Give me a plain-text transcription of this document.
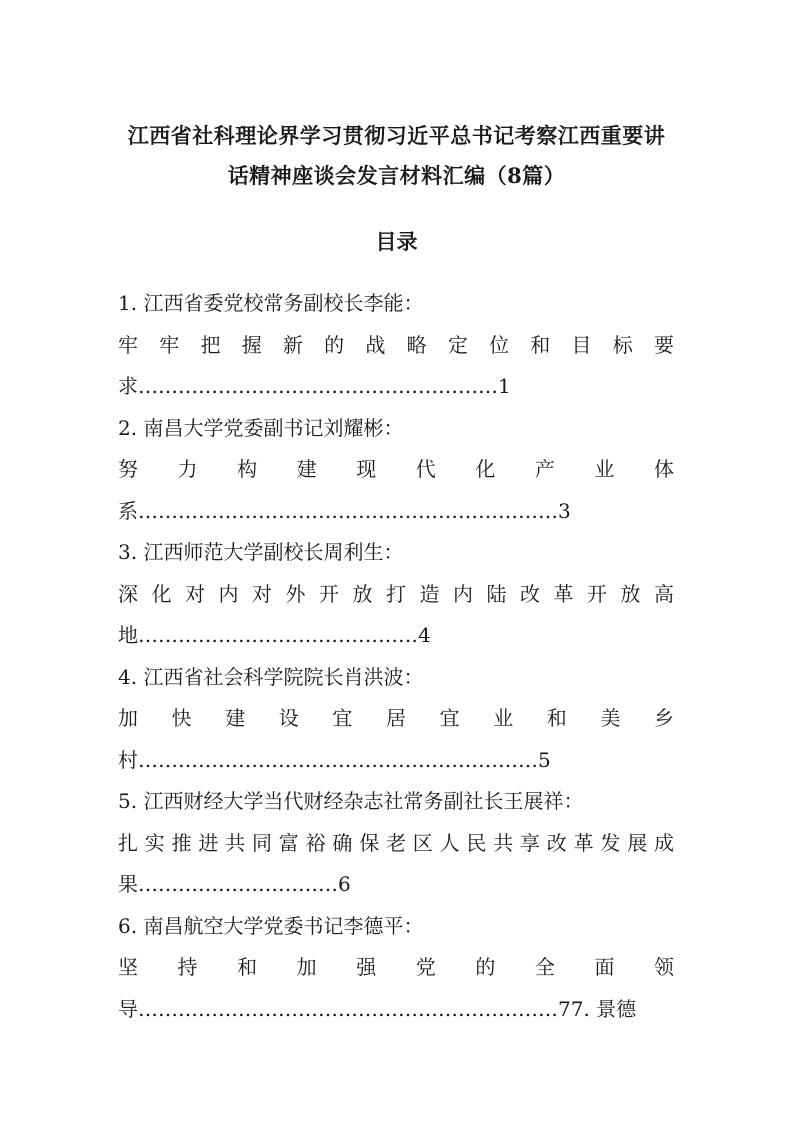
江西省社科理论界学习贯彻习近平总书记考察江西重要讲
话精神座谈会发言材料汇编（8篇）
目录
1. 江西省委党校常务副校长李能：
牢 牢 把 握 新 的 战 略 定 位 和 目 标 要
求………………………………………………1
2. 南昌大学党委副书记刘耀彬：
努 力 构 建 现 代 化 产 业 体
系………………………………………………………3
3. 江西师范大学副校长周利生：
深 化 对 内 对 外 开 放 打 造 内 陆 改 革 开 放 高
地……………………………………4
4. 江西省社会科学院院长肖洪波：
加 快 建 设 宜 居 宜 业 和 美 乡
村……………………………………………………5
5. 江西财经大学当代财经杂志社常务副社长王展祥：
扎 实 推 进 共 同 富 裕 确 保 老 区 人 民 共 享 改 革 发 展 成
果…………………………6
6. 南昌航空大学党委书记李德平：
坚 持 和 加 强 党 的 全 面 领
导………………………………………………………77. 景德
